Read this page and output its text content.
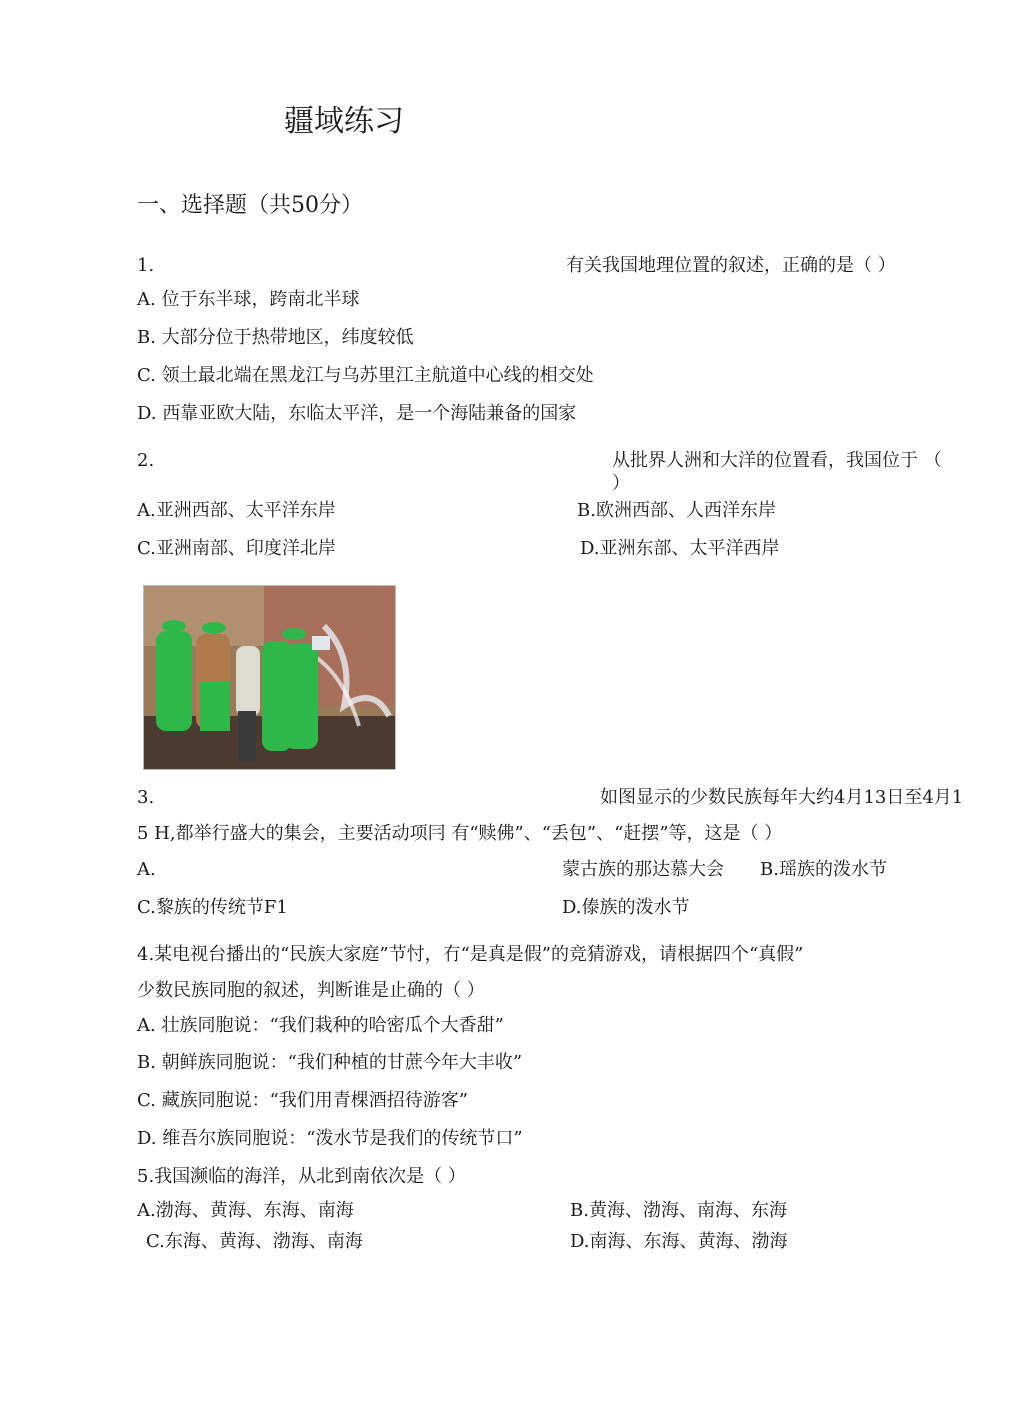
疆域练习
一、选择题（共50分）
1.	有关我国地理位置的叙述，正确的是（ ）
A. 位于东半球，跨南北半球
B. 大部分位于热带地区，纬度较低
C. 领土最北端在黑龙江与乌苏里江主航道中心线的相交处
D. 西靠亚欧大陆，东临太平洋，是一个海陆兼备的国家
2.	从批界人洲和大洋的位置看，我国位于 （
）
A.亚洲西部、太平洋东岸	B.欧洲西部、人西洋东岸
C.亚洲南部、印度洋北岸	D.亚洲东部、太平洋西岸
3.	如图显示的少数民族每年大约4月13日至4月1
5 H,都举行盛大的集会，主要活动项冃 有“赎佛”、“丢包”、“赶摆”等，这是（ ）
A.	蒙古族的那达慕大会 B.瑶族的泼水节
C.黎族的传统节F1	D.傣族的泼水节
4.某电视台播出的“民族大家庭”节忖，冇“是真是假”的竞猜游戏，请根据四个“真假”
少数民族同胞的叙述，判断谁是止确的（ ）
A. 壮族同胞说：“我们栽种的哈密瓜个大香甜”
B. 朝鲜族同胞说：“我们种植的甘蔗今年大丰收”
C. 藏族同胞说：“我们用青棵酒招待游客”
D. 维吾尔族同胞说：“泼水节是我们的传统节口”
5.我国濒临的海洋，从北到南依次是（ ）
A.渤海、黄海、东海、南海	B.黄海、渤海、南海、东海
C.东海、黄海、渤海、南海	D.南海、东海、黄海、渤海
